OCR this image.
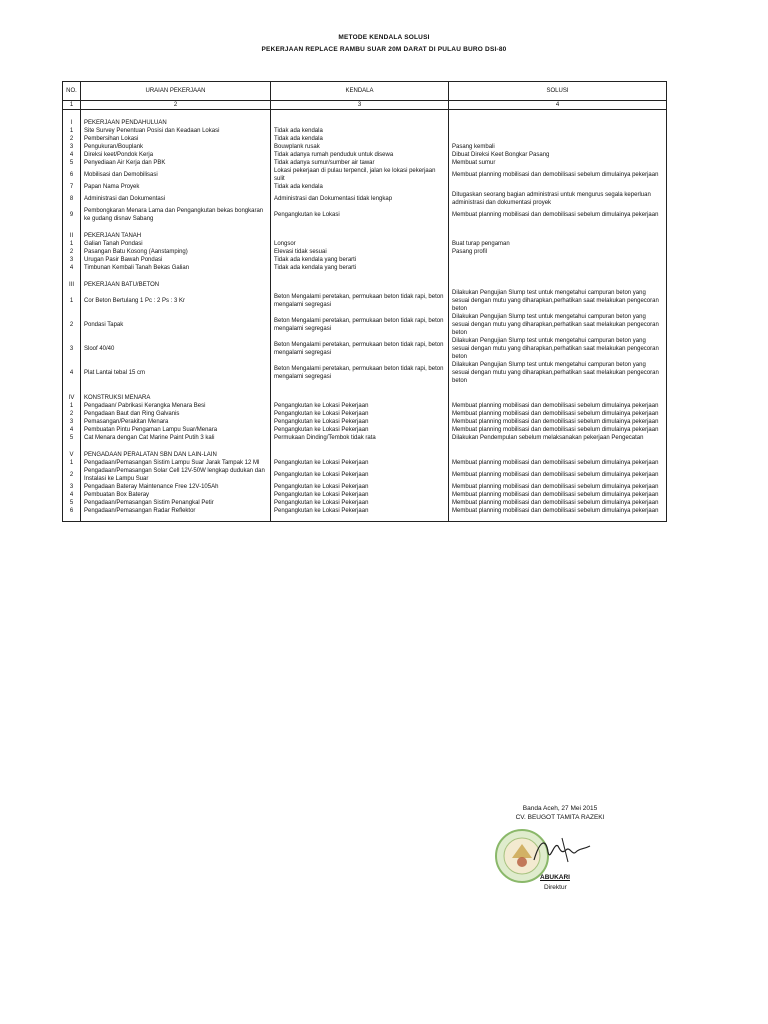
METODE KENDALA SOLUSI
PEKERJAAN REPLACE RAMBU SUAR 20M DARAT DI PULAU BURO DSI-80
NO.	URAIAN PEKERJAAN	KENDALA	SOLUSI
1	2	3	4

I	PEKERJAAN PENDAHULUAN		
1	Site Survey Penentuan Posisi dan Keadaan Lokasi	Tidak ada kendala	
2	Pembersihan Lokasi	Tidak ada kendala	
3	Pengukuran/Bouplank	Bouwplank rusak	Pasang kembali
4	Direksi keet/Pondok Kerja	Tidak adanya rumah penduduk untuk disewa	Dibuat Direksi Keet Bongkar Pasang
5	Penyediaan Air Kerja dan PBK	Tidak adanya sumur/sumber air tawar	Membuat sumur
6	Mobilisasi dan Demobilisasi	Lokasi pekerjaan di pulau terpencil, jalan ke lokasi pekerjaan sulit	Membuat planning mobilisasi dan demobilisasi sebelum dimulainya pekerjaan
7	Papan Nama Proyek	Tidak ada kendala	
8	Administrasi dan Dokumentasi	Administrasi dan Dokumentasi tidak lengkap	Ditugaskan seorang bagian administrasi untuk mengurus segala keperluan administrasi dan dokumentasi proyek
9	Pembongkaran Menara Lama dan Pengangkutan bekas bongkaran ke gudang disnav Sabang	Pengangkutan ke Lokasi	Membuat planning mobilisasi dan demobilisasi sebelum dimulainya pekerjaan

II	PEKERJAAN TANAH		
1	Galian Tanah Pondasi	Longsor	Buat turap pengaman
2	Pasangan Batu Kosong (Aanstamping)	Elevasi tidak sesuai	Pasang profil
3	Urugan Pasir Bawah Pondasi	Tidak ada kendala yang berarti	
4	Timbunan Kembali Tanah Bekas Galian	Tidak ada kendala yang berarti	

III	PEKERJAAN BATU/BETON		
1	Cor Beton Bertulang 1 Pc : 2 Ps : 3 Kr	Beton Mengalami peretakan, permukaan beton tidak rapi, beton mengalami segregasi	Dilakukan Pengujian Slump test untuk mengetahui campuran beton yang sesuai dengan mutu yang diharapkan,perhatikan saat melakukan pengecoran beton
2	Pondasi Tapak	Beton Mengalami peretakan, permukaan beton tidak rapi, beton mengalami segregasi	Dilakukan Pengujian Slump test untuk mengetahui campuran beton yang sesuai dengan mutu yang diharapkan,perhatikan saat melakukan pengecoran beton
3	Sloof 40/40	Beton Mengalami peretakan, permukaan beton tidak rapi, beton mengalami segregasi	Dilakukan Pengujian Slump test untuk mengetahui campuran beton yang sesuai dengan mutu yang diharapkan,perhatikan saat melakukan pengecoran beton
4	Plat Lantai tebal 15 cm	Beton Mengalami peretakan, permukaan beton tidak rapi, beton mengalami segregasi	Dilakukan Pengujian Slump test untuk mengetahui campuran beton yang sesuai dengan mutu yang diharapkan,perhatikan saat melakukan pengecoran beton

IV	KONSTRUKSI MENARA		
1	Pengadaan/ Pabrikasi Kerangka Menara Besi	Pengangkutan ke Lokasi Pekerjaan	Membuat planning mobilisasi dan demobilisasi sebelum dimulainya pekerjaan
2	Pengadaan Baut dan Ring Galvanis	Pengangkutan ke Lokasi Pekerjaan	Membuat planning mobilisasi dan demobilisasi sebelum dimulainya pekerjaan
3	Pemasangan/Perakitan Menara	Pengangkutan ke Lokasi Pekerjaan	Membuat planning mobilisasi dan demobilisasi sebelum dimulainya pekerjaan
4	Pembuatan Pintu Pengaman Lampu Suar/Menara	Pengangkutan ke Lokasi Pekerjaan	Membuat planning mobilisasi dan demobilisasi sebelum dimulainya pekerjaan
5	Cat Menara dengan Cat Marine Paint Putih 3 kali	Permukaan Dinding/Tembok tidak rata	Dilakukan Pendempulan sebelum melaksanakan pekerjaan Pengecatan

V	PENGADAAN PERALATAN SBN DAN LAIN-LAIN		
1	Pengadaan/Pemasangan Sistim Lampu Suar Jarak Tampak 12 Ml	Pengangkutan ke Lokasi Pekerjaan	Membuat planning mobilisasi dan demobilisasi sebelum dimulainya pekerjaan
2	Pengadaan/Pemasangan Solar Cell 12V-50W lengkap dudukan dan Instalasi ke Lampu Suar	Pengangkutan ke Lokasi Pekerjaan	Membuat planning mobilisasi dan demobilisasi sebelum dimulainya pekerjaan
3	Pengadaan Bateray Maintenance Free 12V-105Ah	Pengangkutan ke Lokasi Pekerjaan	Membuat planning mobilisasi dan demobilisasi sebelum dimulainya pekerjaan
4	Pembuatan Box Bateray	Pengangkutan ke Lokasi Pekerjaan	Membuat planning mobilisasi dan demobilisasi sebelum dimulainya pekerjaan
5	Pengadaan/Pemasangan Sistim Penangkal Petir	Pengangkutan ke Lokasi Pekerjaan	Membuat planning mobilisasi dan demobilisasi sebelum dimulainya pekerjaan
6	Pengadaan/Pemasangan Radar Reflektor	Pengangkutan ke Lokasi Pekerjaan	Membuat planning mobilisasi dan demobilisasi sebelum dimulainya pekerjaan

Banda Aceh, 27 Mei 2015
CV. BEUGOT TAMITA RAZEKI
ABUKARI
Direktur
